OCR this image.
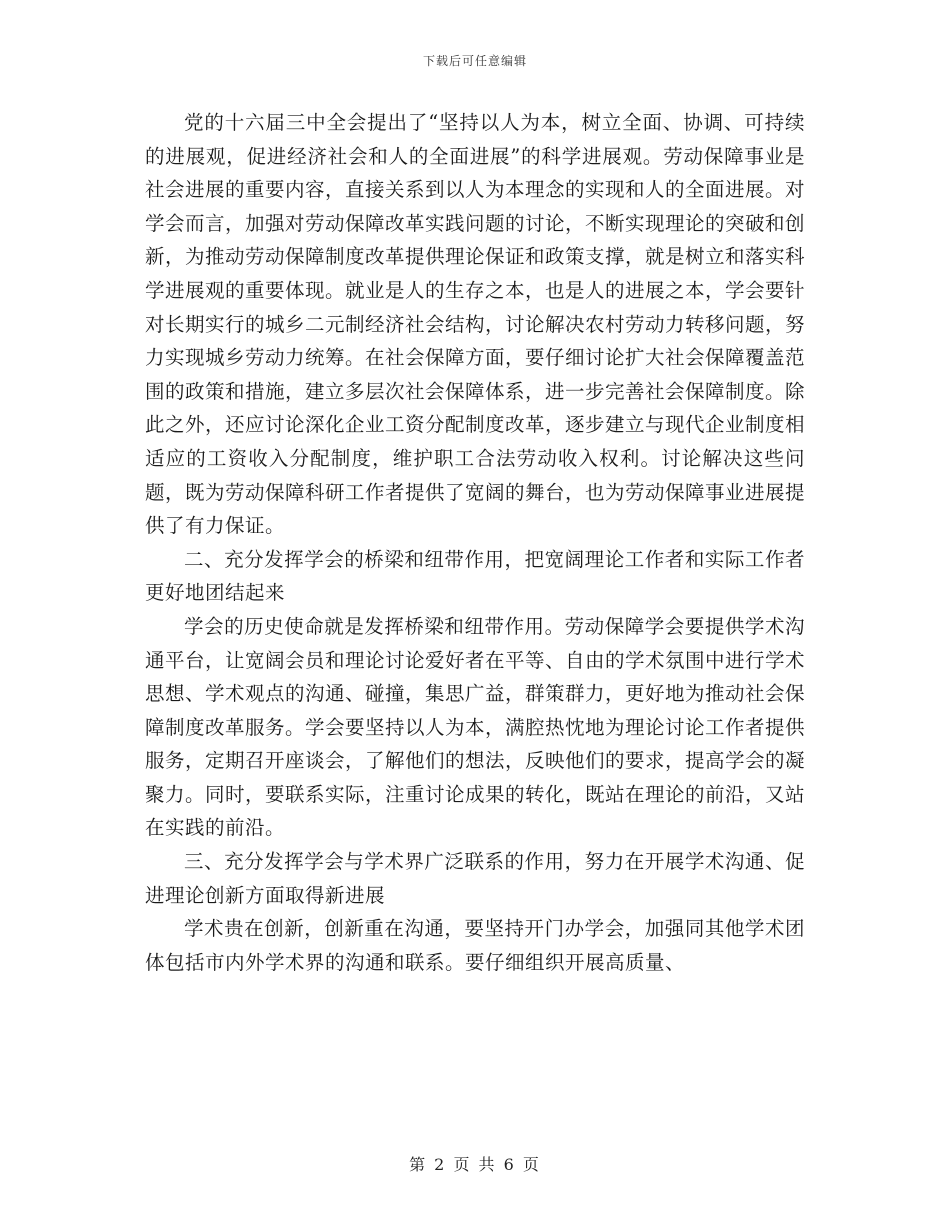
下载后可任意编辑

党的十六届三中全会提出了“坚持以人为本，树立全面、协调、可持续的进展观，促进经济社会和人的全面进展”的科学进展观。劳动保障事业是社会进展的重要内容，直接关系到以人为本理念的实现和人的全面进展。对学会而言，加强对劳动保障改革实践问题的讨论，不断实现理论的突破和创新，为推动劳动保障制度改革提供理论保证和政策支撑，就是树立和落实科学进展观的重要体现。就业是人的生存之本，也是人的进展之本，学会要针对长期实行的城乡二元制经济社会结构，讨论解决农村劳动力转移问题，努力实现城乡劳动力统筹。在社会保障方面，要仔细讨论扩大社会保障覆盖范围的政策和措施，建立多层次社会保障体系，进一步完善社会保障制度。除此之外，还应讨论深化企业工资分配制度改革，逐步建立与现代企业制度相适应的工资收入分配制度，维护职工合法劳动收入权利。讨论解决这些问题，既为劳动保障科研工作者提供了宽阔的舞台，也为劳动保障事业进展提供了有力保证。

二、充分发挥学会的桥梁和纽带作用，把宽阔理论工作者和实际工作者更好地团结起来

学会的历史使命就是发挥桥梁和纽带作用。劳动保障学会要提供学术沟通平台，让宽阔会员和理论讨论爱好者在平等、自由的学术氛围中进行学术思想、学术观点的沟通、碰撞，集思广益，群策群力，更好地为推动社会保障制度改革服务。学会要坚持以人为本，满腔热忱地为理论讨论工作者提供服务，定期召开座谈会，了解他们的想法，反映他们的要求，提高学会的凝聚力。同时，要联系实际，注重讨论成果的转化，既站在理论的前沿，又站在实践的前沿。

三、充分发挥学会与学术界广泛联系的作用，努力在开展学术沟通、促进理论创新方面取得新进展

学术贵在创新，创新重在沟通，要坚持开门办学会，加强同其他学术团体包括市内外学术界的沟通和联系。要仔细组织开展高质量、

第 2 页 共 6 页
